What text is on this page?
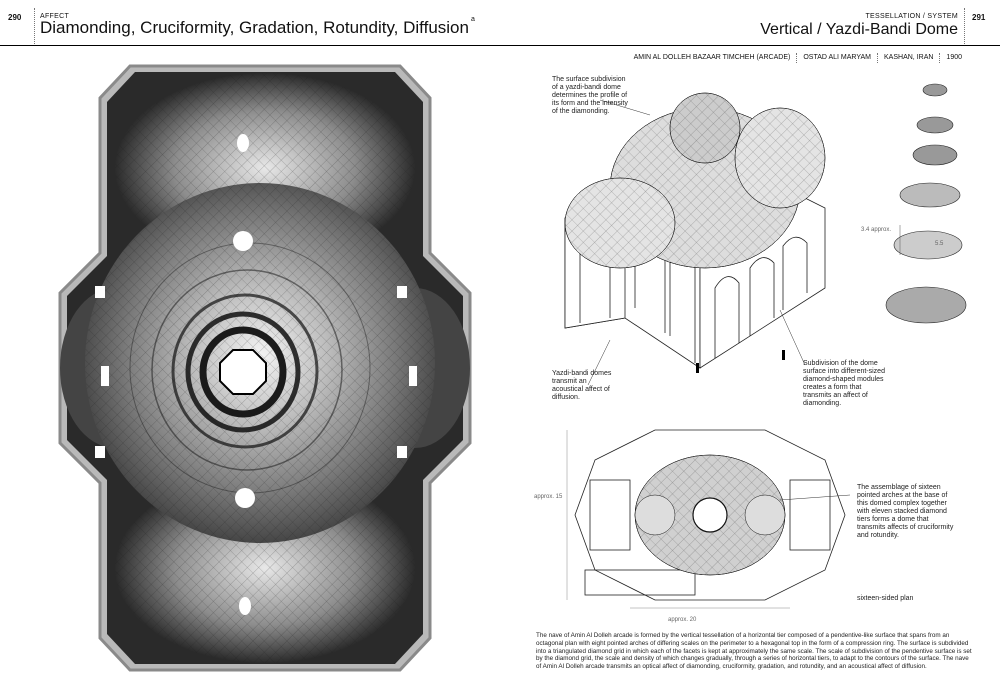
290	AFFECT
Diamonding, Cruciformity, Gradation, Rotundity, Diffusion $^a$	TESSELLATION / SYSTEM 291
Vertical / Yazdi-Bandi Dome
AMIN AL DOLLEH BAZAAR TIMCHEH (ARCADE)	OSTAD ALI MARYAM	KASHAN, IRAN	1900
The surface subdivision of a yazdi-bandi dome determines the profile of its form and the intensity of the diamonding.
Yazdi-bandi domes transmit an acoustical affect of diffusion.
Subdivision of the dome surface into different-sized diamond-shaped modules creates a form that transmits an affect of diamonding.
The assemblage of sixteen pointed arches at the base of this domed complex together with eleven stacked diamond tiers forms a dome that transmits affects of cruciformity and rotundity.
sixteen-sided plan
3.4 approx.
5.5
approx. 15
approx. 20
The nave of Amin Al Dolleh arcade is formed by the vertical tessellation of a horizontal tier composed of a pendentive-like surface that spans from an octagonal plan with eight pointed arches of differing scales on the perimeter to a hexagonal top in the form of a compression ring. The surface is subdivided into a triangulated diamond grid in which each of the facets is kept at approximately the same scale. The scale of subdivision of the pendentive surface is set by the diamond grid, the scale and density of which changes gradually, through a series of horizontal tiers, to adapt to the contours of the surface. The nave of Amin Al Dolleh arcade transmits an optical affect of diamonding, cruciformity, gradation, and rotundity, and an acoustical affect of diffusion.
